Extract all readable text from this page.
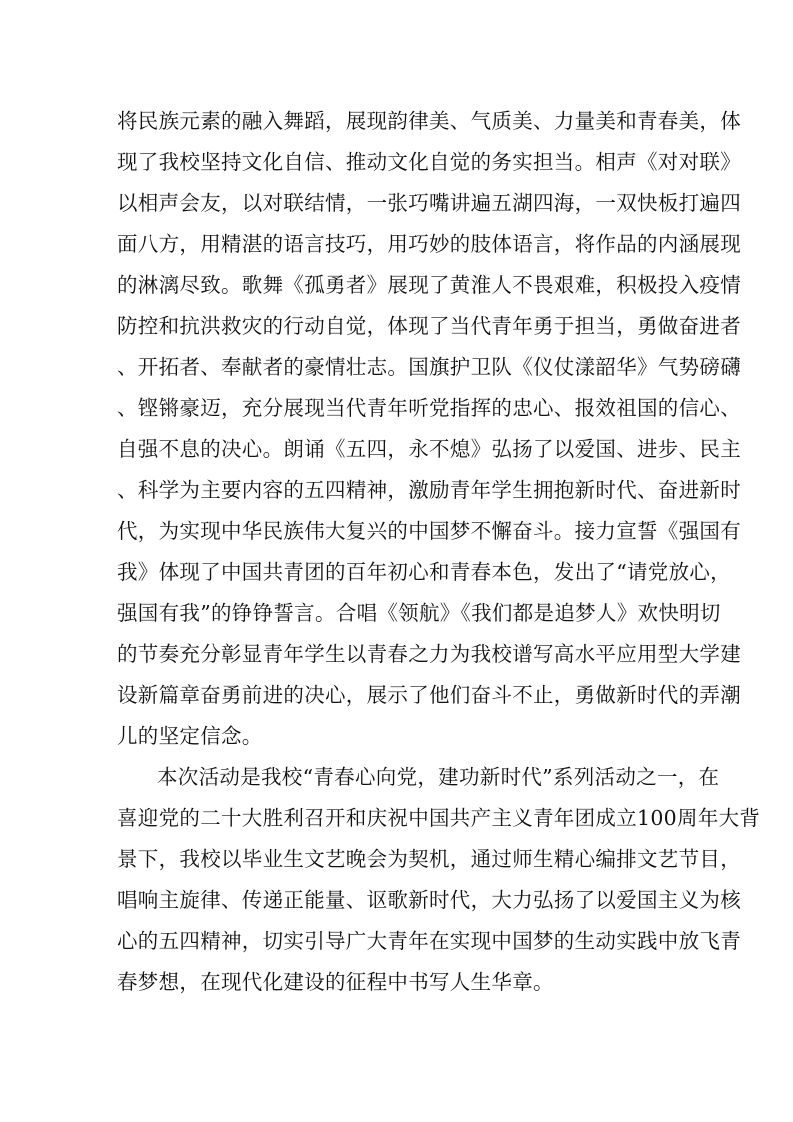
将民族元素的融入舞蹈，展现韵律美、气质美、力量美和青春美，体
现了我校坚持文化自信、推动文化自觉的务实担当。相声《对对联》
以相声会友，以对联结情，一张巧嘴讲遍五湖四海，一双快板打遍四
面八方，用精湛的语言技巧，用巧妙的肢体语言，将作品的内涵展现
的淋漓尽致。歌舞《孤勇者》展现了黄淮人不畏艰难，积极投入疫情
防控和抗洪救灾的行动自觉，体现了当代青年勇于担当，勇做奋进者
、开拓者、奉献者的豪情壮志。国旗护卫队《仪仗漾韶华》气势磅礴
、铿锵豪迈，充分展现当代青年听党指挥的忠心、报效祖国的信心、
自强不息的决心。朗诵《五四，永不熄》弘扬了以爱国、进步、民主
、科学为主要内容的五四精神，激励青年学生拥抱新时代、奋进新时
代，为实现中华民族伟大复兴的中国梦不懈奋斗。接力宣誓《强国有
我》体现了中国共青团的百年初心和青春本色，发出了“请党放心，
强国有我”的铮铮誓言。合唱《领航》《我们都是追梦人》欢快明切
的节奏充分彰显青年学生以青春之力为我校谱写高水平应用型大学建
设新篇章奋勇前进的决心，展示了他们奋斗不止，勇做新时代的弄潮
儿的坚定信念。
本次活动是我校“青春心向党，建功新时代”系列活动之一，在
喜迎党的二十大胜利召开和庆祝中国共产主义青年团成立100周年大背
景下，我校以毕业生文艺晚会为契机，通过师生精心编排文艺节目，
唱响主旋律、传递正能量、讴歌新时代，大力弘扬了以爱国主义为核
心的五四精神，切实引导广大青年在实现中国梦的生动实践中放飞青
春梦想，在现代化建设的征程中书写人生华章。
